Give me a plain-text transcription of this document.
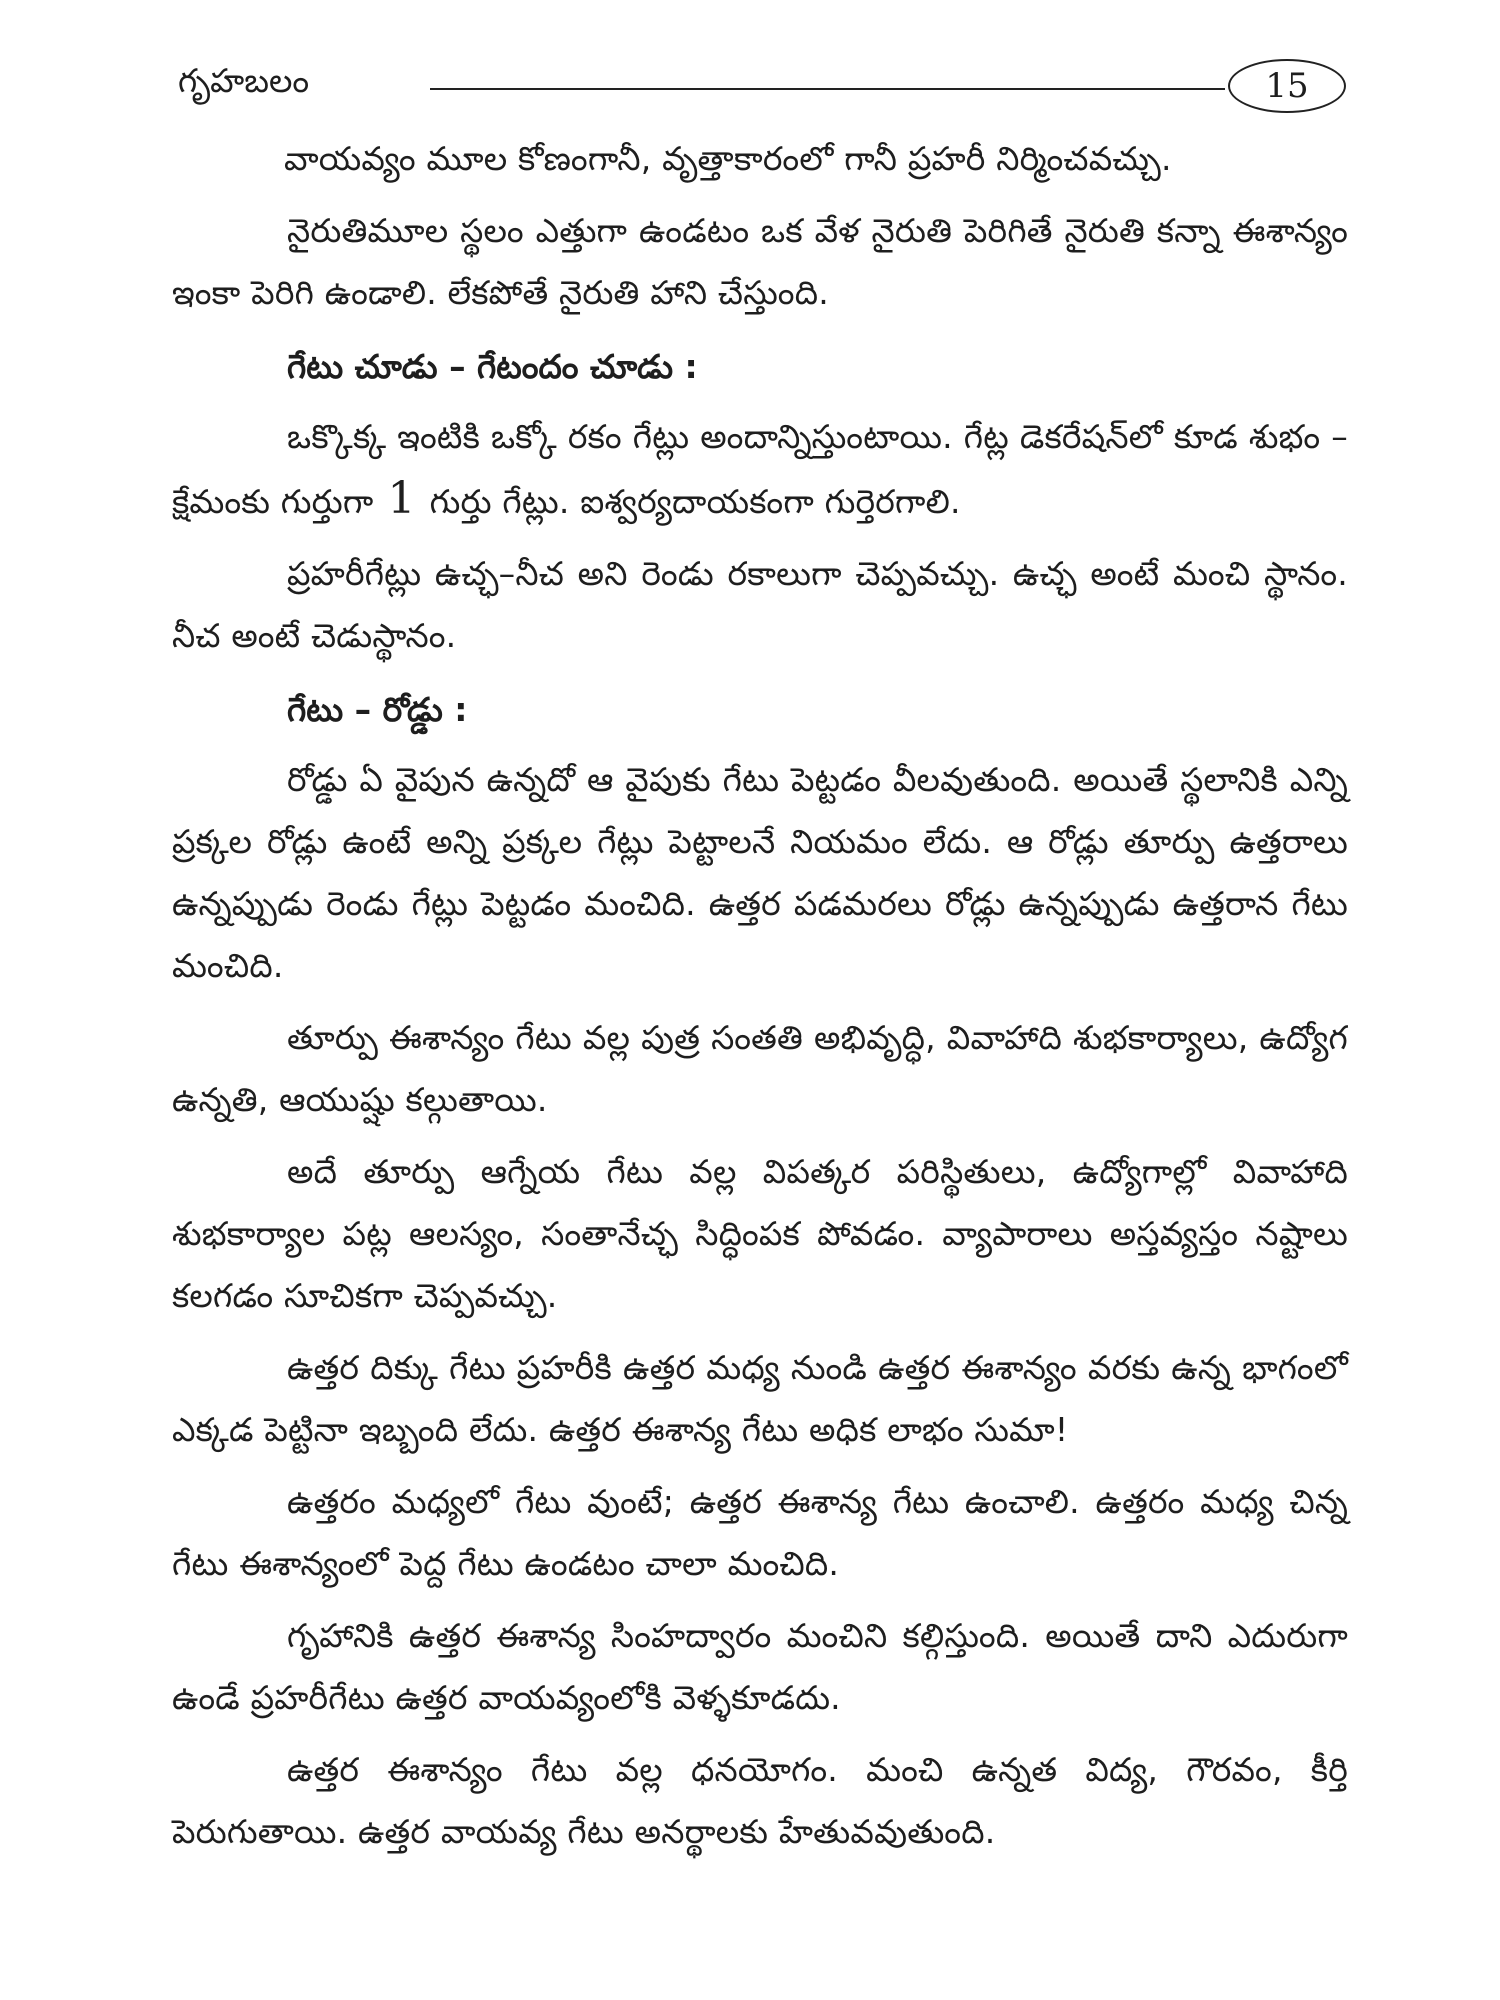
గృహబలం	15

వాయవ్యం మూల కోణంగానీ, వృత్తాకారంలో గానీ ప్రహరీ నిర్మించవచ్చు.

నైరుతిమూల స్థలం ఎత్తుగా ఉండటం ఒక వేళ నైరుతి పెరిగితే నైరుతి కన్నా ఈశాన్యం ఇంకా పెరిగి ఉండాలి. లేకపోతే నైరుతి హాని చేస్తుంది.

గేటు చూడు – గేటందం చూడు :

ఒక్కొక్క ఇంటికి ఒక్కో రకం గేట్లు అందాన్నిస్తుంటాయి. గేట్ల డెకరేషన్‌లో కూడ శుభం – క్షేమంకు గుర్తుగా 1 గుర్తు గేట్లు. ఐశ్వర్యదాయకంగా గుర్తెరగాలి.

ప్రహరీగేట్లు ఉచ్ఛ–నీచ అని రెండు రకాలుగా చెప్పవచ్చు. ఉచ్ఛ అంటే మంచి స్థానం. నీచ అంటే చెడుస్థానం.

గేటు – రోడ్డు :

రోడ్డు ఏ వైపున ఉన్నదో ఆ వైపుకు గేటు పెట్టడం వీలవుతుంది. అయితే స్థలానికి ఎన్ని ప్రక్కల రోడ్లు ఉంటే అన్ని ప్రక్కల గేట్లు పెట్టాలనే నియమం లేదు. ఆ రోడ్లు తూర్పు ఉత్తరాలు ఉన్నప్పుడు రెండు గేట్లు పెట్టడం మంచిది. ఉత్తర పడమరలు రోడ్లు ఉన్నప్పుడు ఉత్తరాన గేటు మంచిది.

తూర్పు ఈశాన్యం గేటు వల్ల పుత్ర సంతతి అభివృద్ధి, వివాహాది శుభకార్యాలు, ఉద్యోగ ఉన్నతి, ఆయుష్షు కల్గుతాయి.

అదే తూర్పు ఆగ్నేయ గేటు వల్ల విపత్కర పరిస్థితులు, ఉద్యోగాల్లో వివాహాది శుభకార్యాల పట్ల ఆలస్యం, సంతానేచ్ఛ సిద్ధింపక పోవడం. వ్యాపారాలు అస్తవ్యస్తం నష్టాలు కలగడం సూచికగా చెప్పవచ్చు.

ఉత్తర దిక్కు గేటు ప్రహరీకి ఉత్తర మధ్య నుండి ఉత్తర ఈశాన్యం వరకు ఉన్న భాగంలో ఎక్కడ పెట్టినా ఇబ్బంది లేదు. ఉత్తర ఈశాన్య గేటు అధిక లాభం సుమా!

ఉత్తరం మధ్యలో గేటు వుంటే; ఉత్తర ఈశాన్య గేటు ఉంచాలి. ఉత్తరం మధ్య చిన్న గేటు ఈశాన్యంలో పెద్ద గేటు ఉండటం చాలా మంచిది.

గృహానికి ఉత్తర ఈశాన్య సింహద్వారం మంచిని కల్గిస్తుంది. అయితే దాని ఎదురుగా ఉండే ప్రహరీగేటు ఉత్తర వాయవ్యంలోకి వెళ్ళకూడదు.

ఉత్తర ఈశాన్యం గేటు వల్ల ధనయోగం. మంచి ఉన్నత విద్య, గౌరవం, కీర్తి పెరుగుతాయి. ఉత్తర వాయవ్య గేటు అనర్థాలకు హేతువవుతుంది.
